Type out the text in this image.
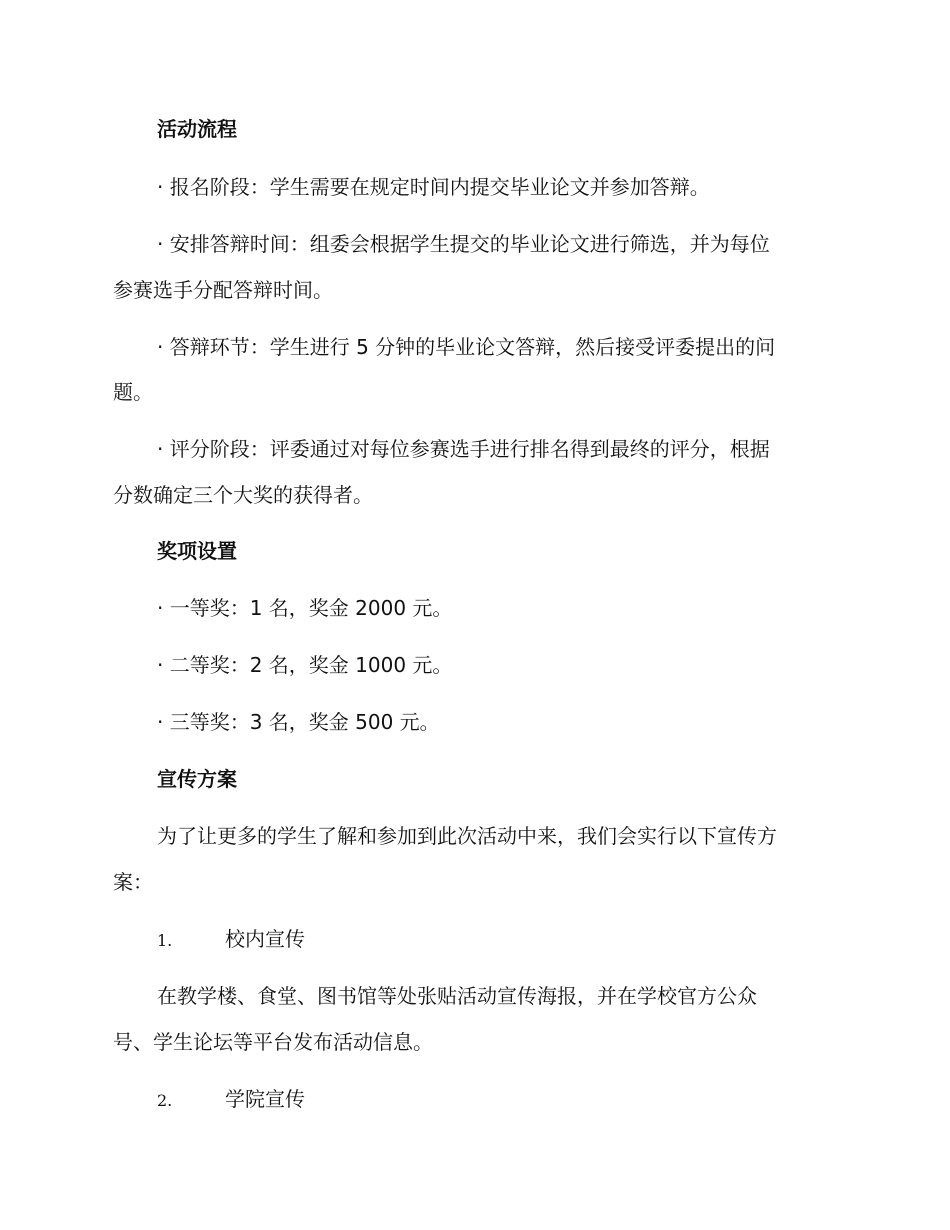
活动流程
· 报名阶段：学生需要在规定时间内提交毕业论文并参加答辩。
· 安排答辩时间：组委会根据学生提交的毕业论文进行筛选，并为每位
参赛选手分配答辩时间。
· 答辩环节：学生进行 5 分钟的毕业论文答辩，然后接受评委提出的问
题。
· 评分阶段：评委通过对每位参赛选手进行排名得到最终的评分，根据
分数确定三个大奖的获得者。
奖项设置
· 一等奖：1 名，奖金 2000 元。
· 二等奖：2 名，奖金 1000 元。
· 三等奖：3 名，奖金 500 元。
宣传方案
为了让更多的学生了解和参加到此次活动中来，我们会实行以下宣传方
案：
1.	校内宣传
在教学楼、食堂、图书馆等处张贴活动宣传海报，并在学校官方公众
号、学生论坛等平台发布活动信息。
2.	学院宣传
